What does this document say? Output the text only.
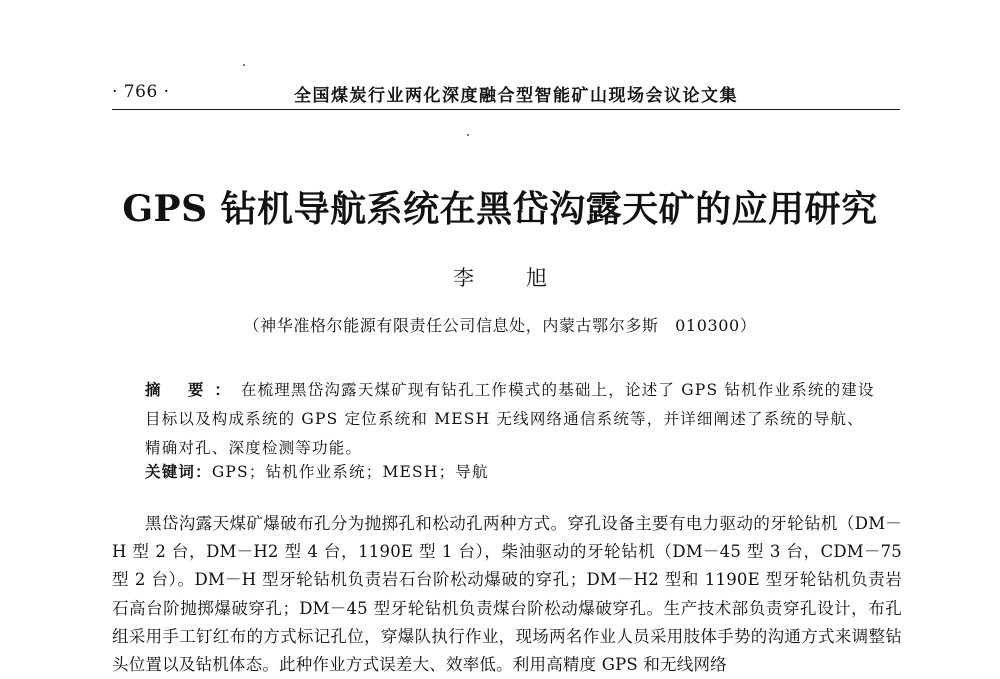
· 766 ·	全国煤炭行业两化深度融合型智能矿山现场会议论文集
GPS 钻机导航系统在黑岱沟露天矿的应用研究
李旭
（神华准格尔能源有限责任公司信息处，内蒙古鄂尔多斯　010300）
摘 要：在梳理黑岱沟露天煤矿现有钻孔工作模式的基础上，论述了 GPS 钻机作业系统的建设目标以及构成系统的 GPS 定位系统和 MESH 无线网络通信系统等，并详细阐述了系统的导航、精确对孔、深度检测等功能。
关键词：GPS；钻机作业系统；MESH；导航
黑岱沟露天煤矿爆破布孔分为抛掷孔和松动孔两种方式。穿孔设备主要有电力驱动的牙轮钻机（DM－H 型 2 台，DM－H2 型 4 台，1190E 型 1 台），柴油驱动的牙轮钻机（DM－45 型 3 台，CDM－75 型 2 台）。DM－H 型牙轮钻机负责岩石台阶松动爆破的穿孔；DM－H2 型和 1190E 型牙轮钻机负责岩石高台阶抛掷爆破穿孔；DM－45 型牙轮钻机负责煤台阶松动爆破穿孔。生产技术部负责穿孔设计，布孔组采用手工钉红布的方式标记孔位，穿爆队执行作业，现场两名作业人员采用肢体手势的沟通方式来调整钻头位置以及钻机体态。此种作业方式误差大、效率低。利用高精度 GPS 和无线网络
